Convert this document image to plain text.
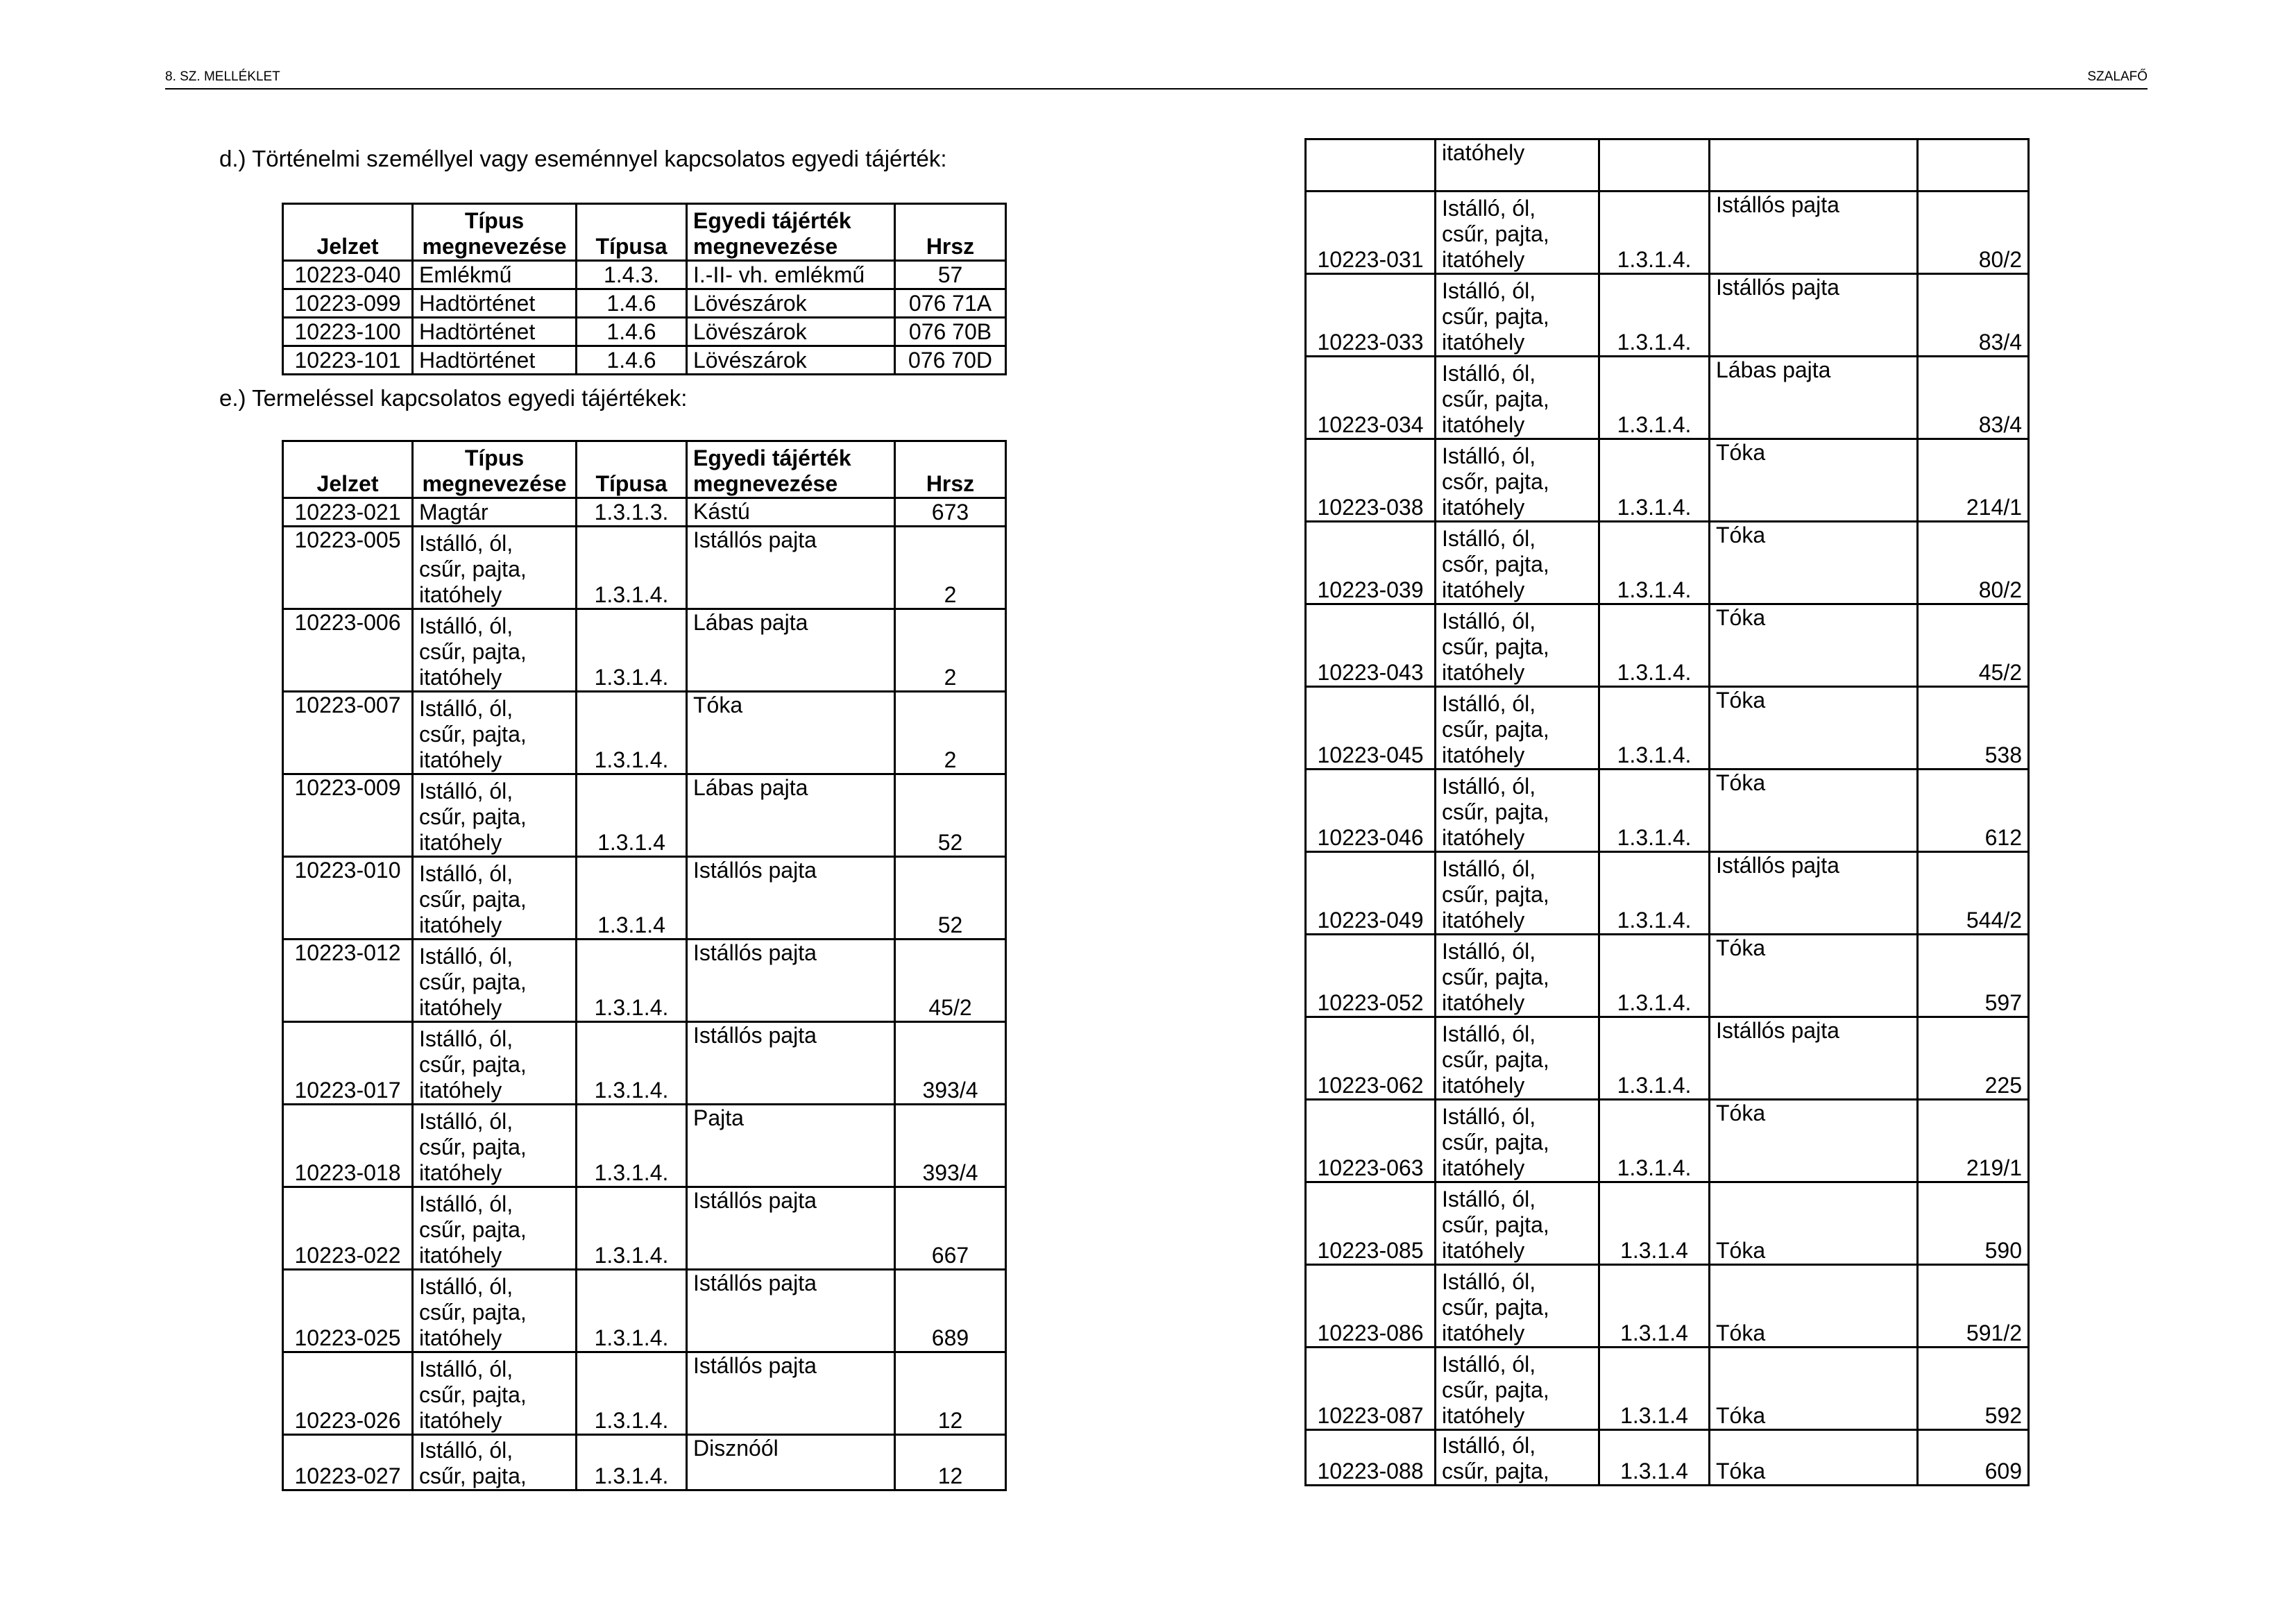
8. SZ. MELLÉKLET	SZALAFŐ
d.) Történelmi személlyel vagy eseménnyel kapcsolatos egyedi tájérték:
Jelzet	Típus
megnevezése	Típusa	Egyedi tájérték
megnevezése	Hrsz
10223-040	Emlékmű	1.4.3.	I.-II- vh. emlékmű	57
10223-099	Hadtörténet	1.4.6	Lövészárok	076 71A
10223-100	Hadtörténet	1.4.6	Lövészárok	076 70B
10223-101	Hadtörténet	1.4.6	Lövészárok	076 70D
e.) Termeléssel kapcsolatos egyedi tájértékek:
Jelzet	Típus
megnevezése	Típusa	Egyedi tájérték
megnevezése	Hrsz
10223-021	Magtár	1.3.1.3.	Kástú	673
10223-005	Istálló, ól,
csűr, pajta,
itatóhely	1.3.1.4.	Istállós pajta	2
10223-006	Istálló, ól,
csűr, pajta,
itatóhely	1.3.1.4.	Lábas pajta	2
10223-007	Istálló, ól,
csűr, pajta,
itatóhely	1.3.1.4.	Tóka	2
10223-009	Istálló, ól,
csűr, pajta,
itatóhely	1.3.1.4	Lábas pajta	52
10223-010	Istálló, ól,
csűr, pajta,
itatóhely	1.3.1.4	Istállós pajta	52
10223-012	Istálló, ól,
csűr, pajta,
itatóhely	1.3.1.4.	Istállós pajta	45/2
10223-017	Istálló, ól,
csűr, pajta,
itatóhely	1.3.1.4.	Istállós pajta	393/4
10223-018	Istálló, ól,
csűr, pajta,
itatóhely	1.3.1.4.	Pajta	393/4
10223-022	Istálló, ól,
csűr, pajta,
itatóhely	1.3.1.4.	Istállós pajta	667
10223-025	Istálló, ól,
csűr, pajta,
itatóhely	1.3.1.4.	Istállós pajta	689
10223-026	Istálló, ól,
csűr, pajta,
itatóhely	1.3.1.4.	Istállós pajta	12
10223-027	Istálló, ól,
csűr, pajta,	1.3.1.4.	Disznóól	12
	itatóhely			
10223-031	Istálló, ól,
csűr, pajta,
itatóhely	1.3.1.4.	Istállós pajta	80/2
10223-033	Istálló, ól,
csűr, pajta,
itatóhely	1.3.1.4.	Istállós pajta	83/4
10223-034	Istálló, ól,
csűr, pajta,
itatóhely	1.3.1.4.	Lábas pajta	83/4
10223-038	Istálló, ól,
csőr, pajta,
itatóhely	1.3.1.4.	Tóka	214/1
10223-039	Istálló, ól,
csőr, pajta,
itatóhely	1.3.1.4.	Tóka	80/2
10223-043	Istálló, ól,
csűr, pajta,
itatóhely	1.3.1.4.	Tóka	45/2
10223-045	Istálló, ól,
csűr, pajta,
itatóhely	1.3.1.4.	Tóka	538
10223-046	Istálló, ól,
csűr, pajta,
itatóhely	1.3.1.4.	Tóka	612
10223-049	Istálló, ól,
csűr, pajta,
itatóhely	1.3.1.4.	Istállós pajta	544/2
10223-052	Istálló, ól,
csűr, pajta,
itatóhely	1.3.1.4.	Tóka	597
10223-062	Istálló, ól,
csűr, pajta,
itatóhely	1.3.1.4.	Istállós pajta	225
10223-063	Istálló, ól,
csűr, pajta,
itatóhely	1.3.1.4.	Tóka	219/1
10223-085	Istálló, ól,
csűr, pajta,
itatóhely	1.3.1.4	Tóka	590
10223-086	Istálló, ól,
csűr, pajta,
itatóhely	1.3.1.4	Tóka	591/2
10223-087	Istálló, ól,
csűr, pajta,
itatóhely	1.3.1.4	Tóka	592
10223-088	Istálló, ól,
csűr, pajta,	1.3.1.4	Tóka	609
